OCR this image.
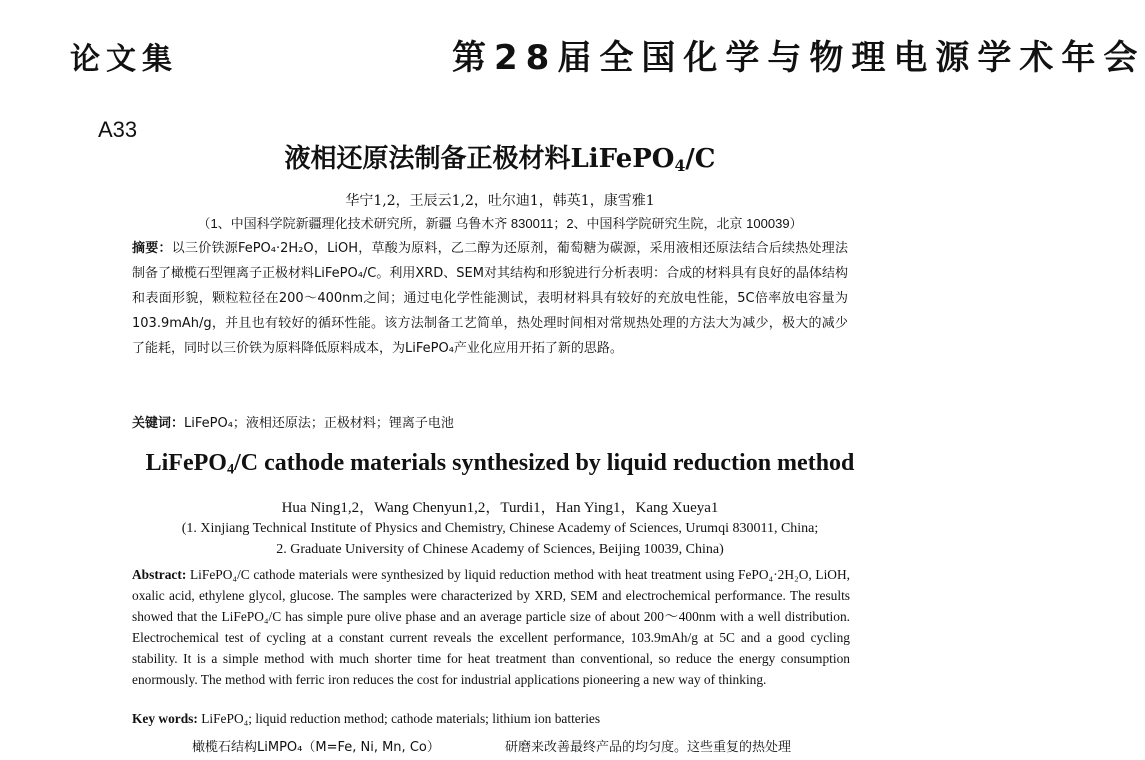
论文集	第28届全国化学与物理电源学术年会
A33
液相还原法制备正极材料LiFePO$_4$/C
华宁1,2，王辰云1,2，吐尔迪1，韩英1，康雪雅1
（1、中国科学院新疆理化技术研究所，新疆 乌鲁木齐 830011；2、中国科学院研究生院，北京 100039）
摘要：以三价铁源FePO₄·2H₂O，LiOH，草酸为原料，乙二醇为还原剂，葡萄糖为碳源，采用液相还原法结合后续热处理法制备了橄榄石型锂离子正极材料LiFePO₄/C。利用XRD、SEM对其结构和形貌进行分析表明：合成的材料具有良好的晶体结构和表面形貌，颗粒粒径在200～400nm之间；通过电化学性能测试，表明材料具有较好的充放电性能，5C倍率放电容量为103.9mAh/g，并且也有较好的循环性能。该方法制备工艺简单，热处理时间相对常规热处理的方法大为减少，极大的减少了能耗，同时以三价铁为原料降低原料成本，为LiFePO₄产业化应用开拓了新的思路。
关键词：LiFePO₄；液相还原法；正极材料；锂离子电池
LiFePO$_4$/C cathode materials synthesized by liquid reduction method
Hua Ning1,2，Wang Chenyun1,2，Turdi1，Han Ying1，Kang Xueya1
(1. Xinjiang Technical Institute of Physics and Chemistry, Chinese Academy of Sciences, Urumqi 830011, China;
2. Graduate University of Chinese Academy of Sciences, Beijing 10039, China)
Abstract: LiFePO₄/C cathode materials were synthesized by liquid reduction method with heat treatment using FePO₄·2H₂O, LiOH, oxalic acid, ethylene glycol, glucose. The samples were characterized by XRD, SEM and electrochemical performance. The results showed that the LiFePO₄/C has simple pure olive phase and an average particle size of about 200～400nm with a well distribution. Electrochemical test of cycling at a constant current reveals the excellent performance, 103.9mAh/g at 5C and a good cycling stability. It is a simple method with much shorter time for heat treatment than conventional, so reduce the energy consumption enormously. The method with ferric iron reduces the cost for industrial applications pioneering a new way of thinking.
Key words: LiFePO₄; liquid reduction method; cathode materials; lithium ion batteries
橄榄石结构LiMPO₄（M=Fe, Ni, Mn, Co）	研磨来改善最终产品的均匀度。这些重复的热处理
